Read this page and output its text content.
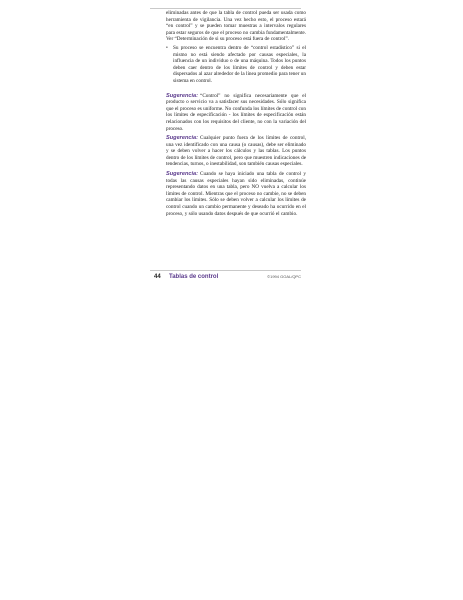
eliminadas antes de que la tabla de control pueda ser usada como herramienta de vigilancia. Una vez hecho esto, el proceso estará “en control” y se pueden tomar muestras a intervalos regulares para estar seguros de que el proceso no cambia fundamentalmente. Ver “Determinación de si su proceso está fuera de control”.

• Su proceso se encuentra dentro de “control estadístico” si el mismo no está siendo afectado por causas especiales, la influencia de un individuo o de una máquina. Todos los puntos deben caer dentro de los límites de control y deben estar dispersados al azar alrededor de la línea promedio para tener un sistema en control.

Sugerencia: “Control” no significa necesariamente que el producto o servicio va a satisfacer sus necesidades. Sólo significa que el proceso es uniforme. No confunda los límites de control con los límites de especificación - los límites de especificación están relacionados con los requisitos del cliente, no con la variación del proceso.

Sugerencia: Cualquier punto fuera de los límites de control, una vez identificado con una causa (o causas), debe ser eliminado y se deben volver a hacer los cálculos y las tablas. Los puntos dentro de los límites de control, pero que muestren indicaciones de tendencias, turnos, o inestabilidad, son también causas especiales.

Sugerencia: Cuando se haya iniciado una tabla de control y todas las causas especiales hayan sido eliminadas, continúe representando datos en una tabla, pero NO vuelva a calcular los límites de control. Mientras que el proceso no cambie, no se deben cambiar los límites. Sólo se deben volver a calcular los límites de control cuando un cambio permanente y deseado ha ocurrido en el proceso, y sólo usando datos después de que ocurrió el cambio.

44 Tablas de control	©1994 GOAL/QPC
